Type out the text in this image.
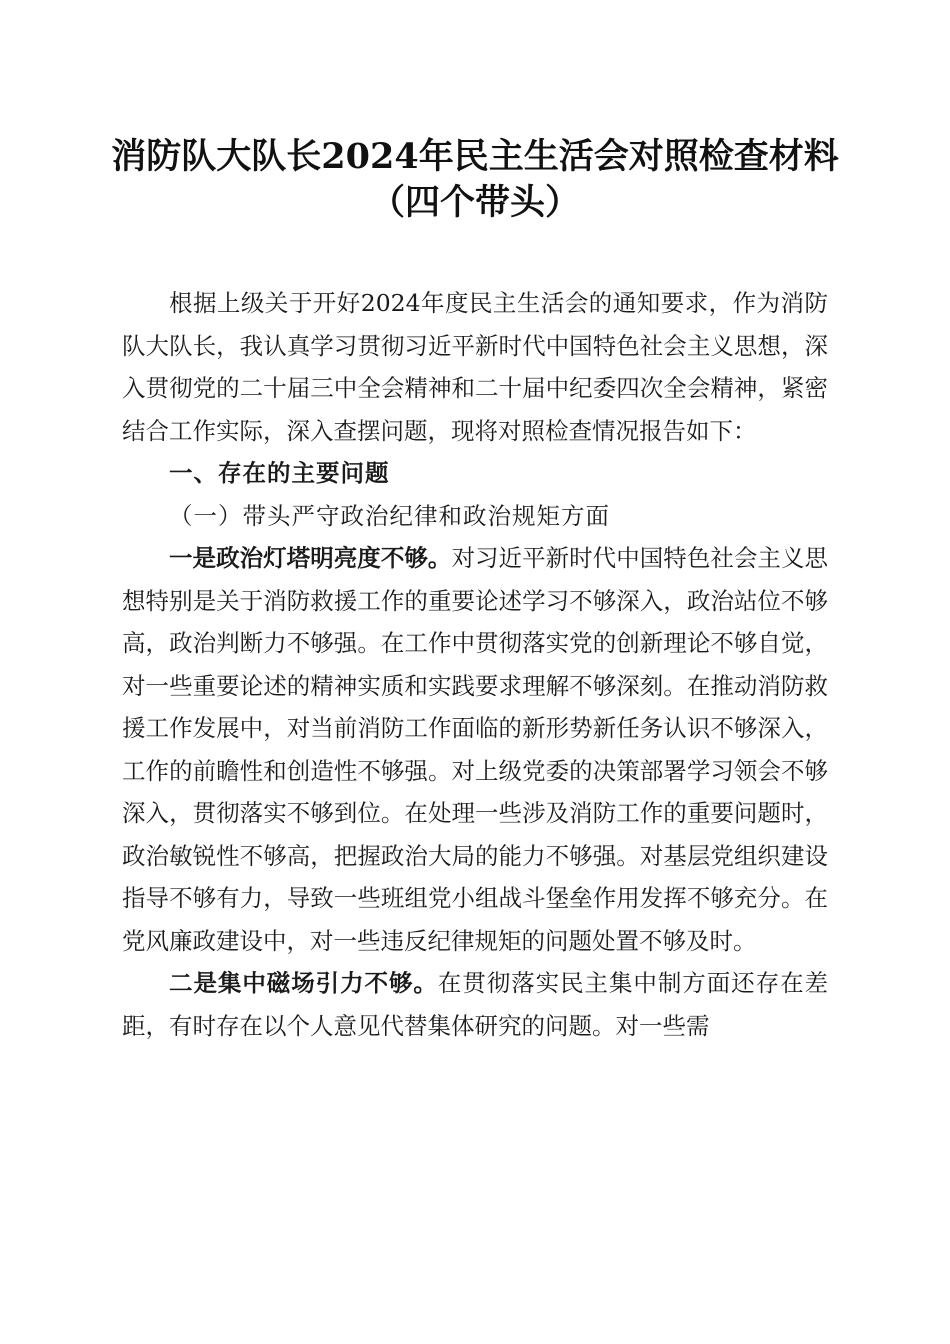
消防队大队长2024年民主生活会对照检查材料（四个带头）

根据上级关于开好2024年度民主生活会的通知要求，作为消防队大队长，我认真学习贯彻习近平新时代中国特色社会主义思想，深入贯彻党的二十届三中全会精神和二十届中纪委四次全会精神，紧密结合工作实际，深入查摆问题，现将对照检查情况报告如下：

一、存在的主要问题

（一）带头严守政治纪律和政治规矩方面

一是政治灯塔明亮度不够。对习近平新时代中国特色社会主义思想特别是关于消防救援工作的重要论述学习不够深入，政治站位不够高，政治判断力不够强。在工作中贯彻落实党的创新理论不够自觉，对一些重要论述的精神实质和实践要求理解不够深刻。在推动消防救援工作发展中，对当前消防工作面临的新形势新任务认识不够深入，工作的前瞻性和创造性不够强。对上级党委的决策部署学习领会不够深入，贯彻落实不够到位。在处理一些涉及消防工作的重要问题时，政治敏锐性不够高，把握政治大局的能力不够强。对基层党组织建设指导不够有力，导致一些班组党小组战斗堡垒作用发挥不够充分。在党风廉政建设中，对一些违反纪律规矩的问题处置不够及时。

二是集中磁场引力不够。在贯彻落实民主集中制方面还存在差距，有时存在以个人意见代替集体研究的问题。对一些需
